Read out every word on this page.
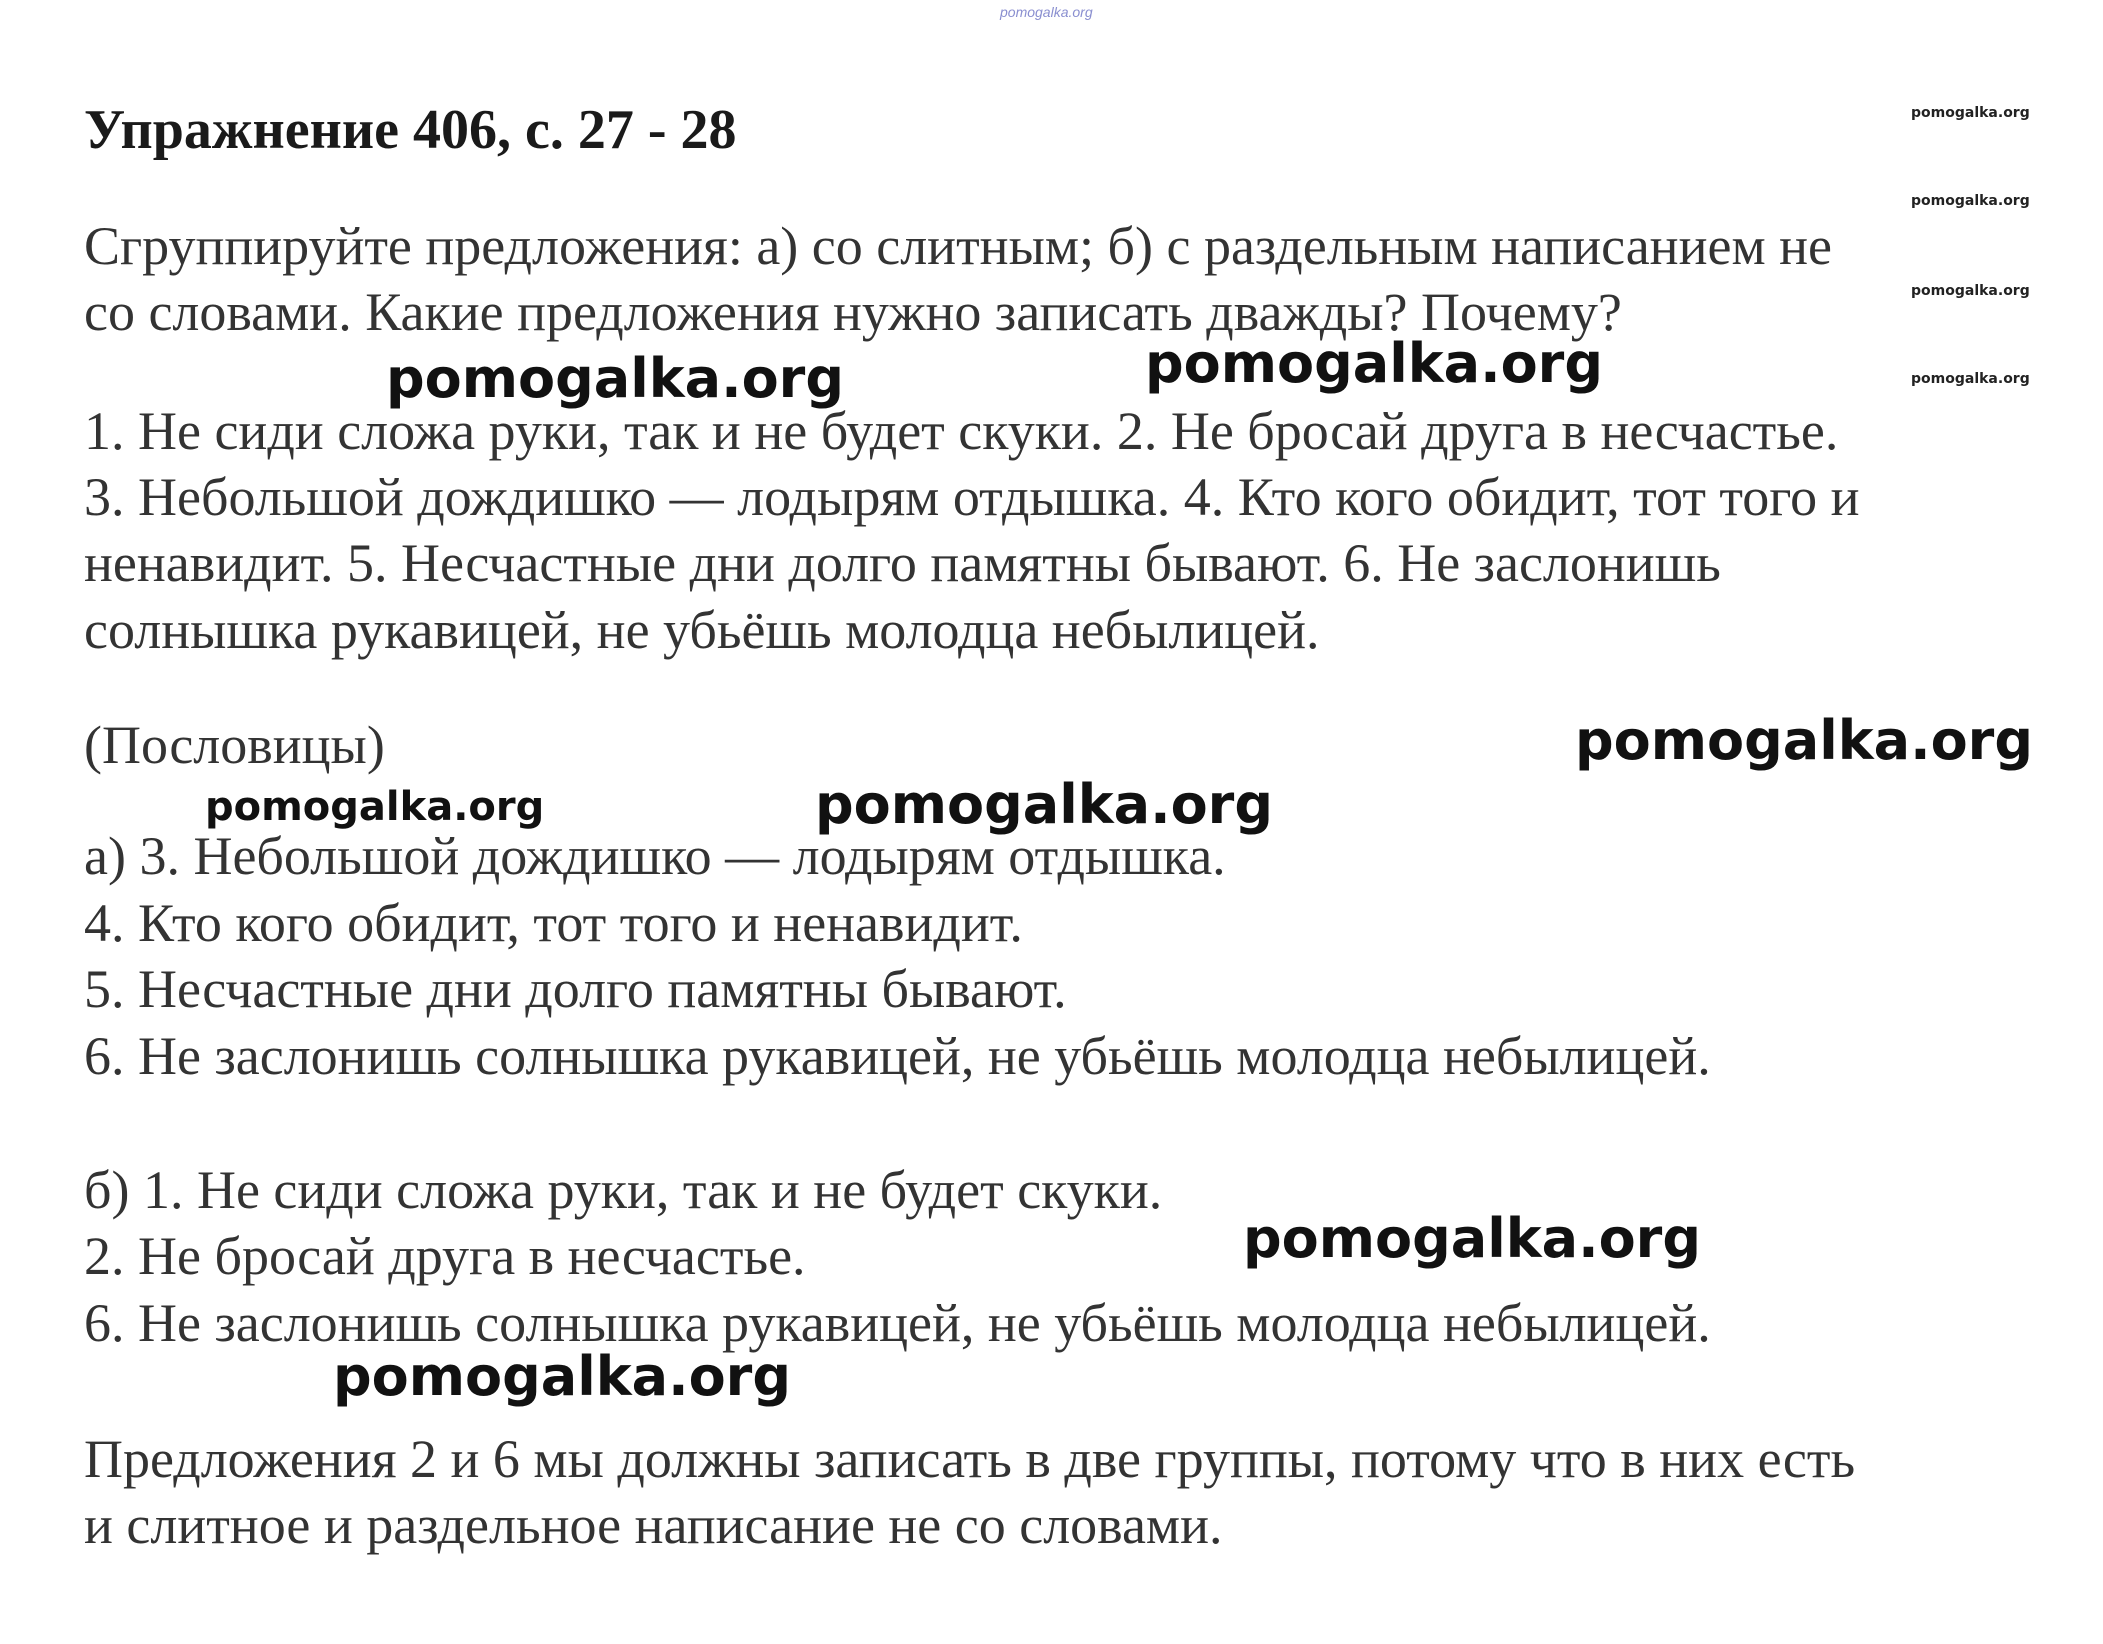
pomogalka.org
Упражнение 406, с. 27 - 28	pomogalka.org
pomogalka.org
pomogalka.org
pomogalka.org
Сгруппируйте предложения: а) со слитным; б) с раздельным написанием не
со словами. Какие предложения нужно записать дважды? Почему?
pomogalka.org	pomogalka.org
1. Не сиди сложа руки, так и не будет скуки. 2. Не бросай друга в несчастье.
3. Небольшой дождишко — лодырям отдышка. 4. Кто кого обидит, тот того и
ненавидит. 5. Несчастные дни долго памятны бывают. 6. Не заслонишь
солнышка рукавицей, не убьёшь молодца небылицей.
(Пословицы)	pomogalka.org
pomogalka.org	pomogalka.org
а) 3. Небольшой дождишко — лодырям отдышка.
4. Кто кого обидит, тот того и ненавидит.
5. Несчастные дни долго памятны бывают.
6. Не заслонишь солнышка рукавицей, не убьёшь молодца небылицей.
б) 1. Не сиди сложа руки, так и не будет скуки.
pomogalka.org
2. Не бросай друга в несчастье.
6. Не заслонишь солнышка рукавицей, не убьёшь молодца небылицей.
pomogalka.org
Предложения 2 и 6 мы должны записать в две группы, потому что в них есть
и слитное и раздельное написание не со словами.
